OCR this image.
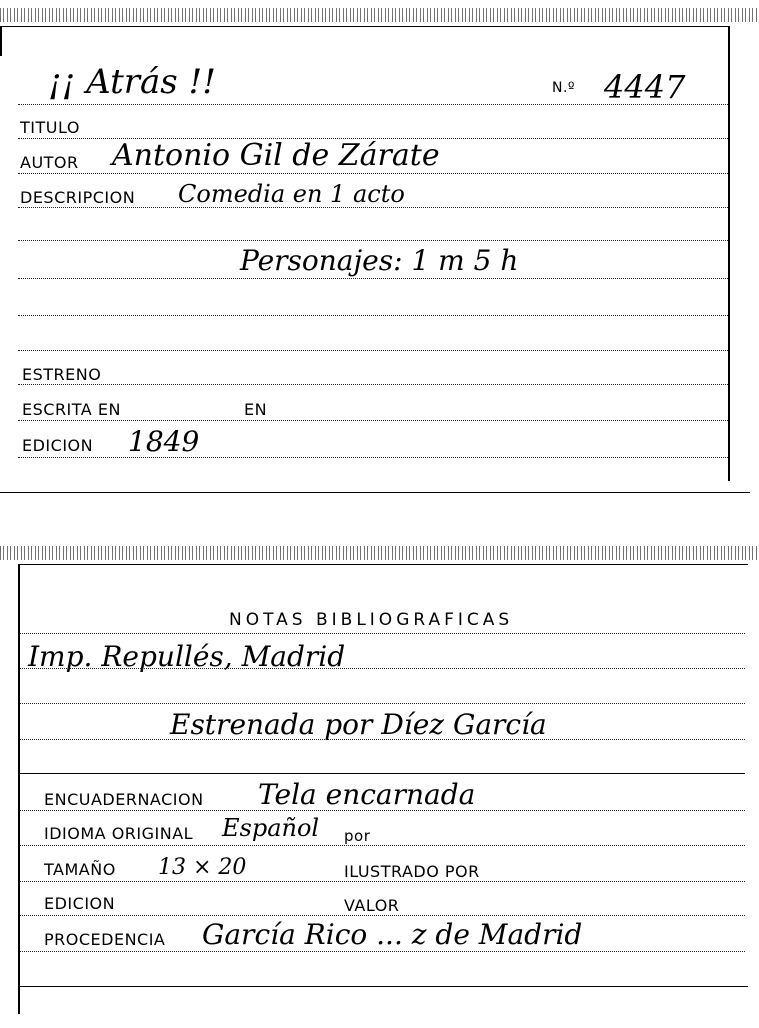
¡¡ Atrás !!	N.º 4447
TITULO
AUTOR Antonio Gil de Zárate
DESCRIPCION Comedia en 1 acto
Personajes: 1 m 5 h
ESTRENO
ESCRITA EN	EN
EDICION 1849
NOTAS BIBLIOGRAFICAS
Imp. Repullés, Madrid
Estrenada por Díez García
ENCUADERNACION Tela encarnada
IDIOMA ORIGINAL Español por
TAMAÑO 13 × 20	ILUSTRADO POR
EDICION	VALOR
PROCEDENCIA García Rico ... z de Madrid
